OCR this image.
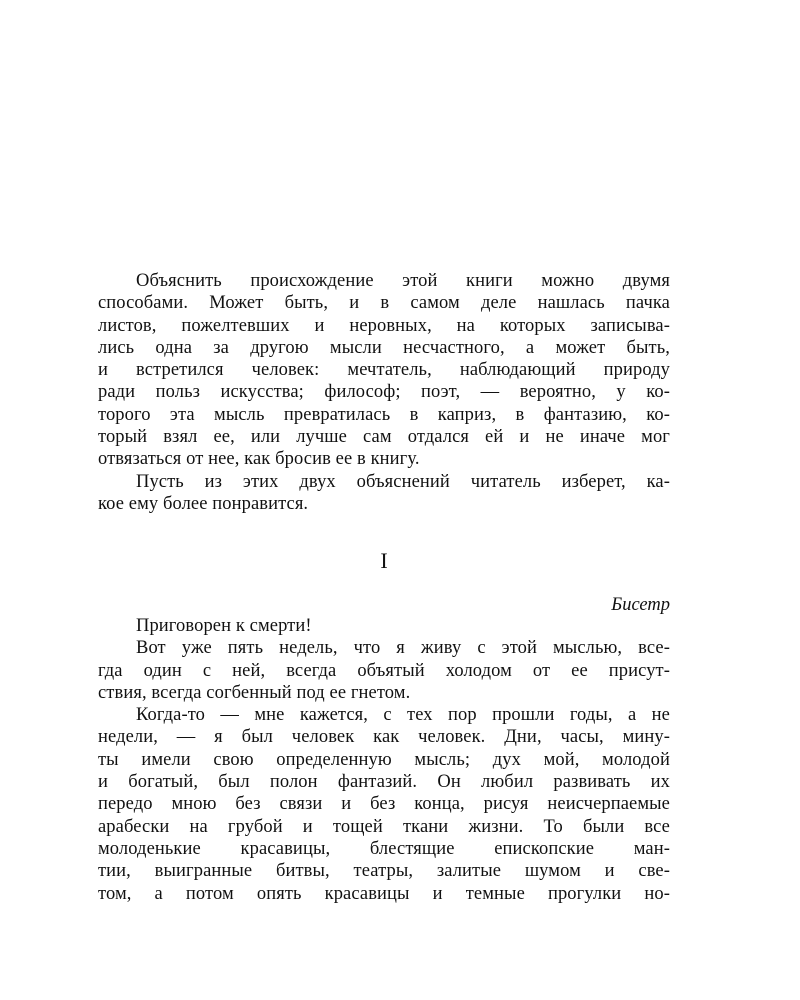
Объяснить происхождение этой книги можно двумя
способами. Может быть, и в самом деле нашлась пачка
листов, пожелтевших и неровных, на которых записыва-
лись одна за другою мысли несчастного, а может быть,
и встретился человек: мечтатель, наблюдающий природу
ради польз искусства; философ; поэт, — вероятно, у ко-
торого эта мысль превратилась в каприз, в фантазию, ко-
торый взял ее, или лучше сам отдался ей и не иначе мог
отвязаться от нее, как бросив ее в книгу.
Пусть из этих двух объяснений читатель изберет, ка-
кое ему более понравится.
I
Бисетр
Приговорен к смерти!
Вот уже пять недель, что я живу с этой мыслью, все-
гда один с ней, всегда объятый холодом от ее присут-
ствия, всегда согбенный под ее гнетом.
Когда-то — мне кажется, с тех пор прошли годы, а не
недели, — я был человек как человек. Дни, часы, мину-
ты имели свою определенную мысль; дух мой, молодой
и богатый, был полон фантазий. Он любил развивать их
передо мною без связи и без конца, рисуя неисчерпаемые
арабески на грубой и тощей ткани жизни. То были все
молоденькие красавицы, блестящие епископские ман-
тии, выигранные битвы, театры, залитые шумом и све-
том, а потом опять красавицы и темные прогулки но-
